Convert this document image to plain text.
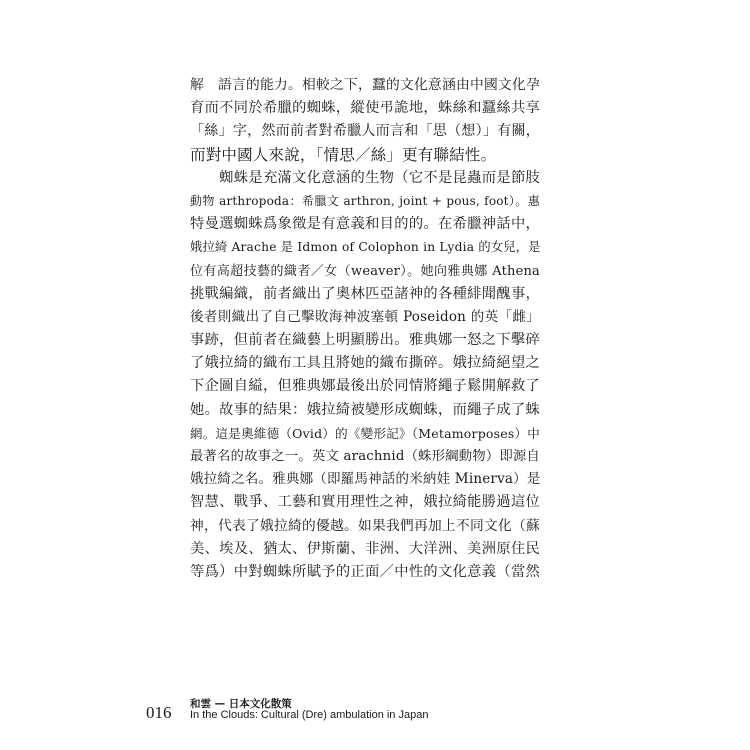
解　語言的能力。相較之下，蠶的文化意涵由中國文化孕
育而不同於希臘的蜘蛛，縱使弔詭地，蛛絲和蠶絲共享
「絲」字，然而前者對希臘人而言和「思（想）」有關，
而對中國人來說，「情思／絲」更有聯結性。
　　蜘蛛是充滿文化意涵的生物（它不是昆蟲而是節肢
動物 arthropoda：希臘文 arthron, joint + pous, foot）。惠
特曼選蜘蛛爲象徵是有意義和目的的。在希臘神話中，
娥拉綺 Arache 是 Idmon of Colophon in Lydia 的女兒，是
位有高超技藝的織者／女（weaver）。她向雅典娜 Athena
挑戰編織，前者織出了奧林匹亞諸神的各種緋聞醜事，
後者則織出了自己擊敗海神波塞頓 Poseidon 的英「雌」
事跡，但前者在織藝上明顯勝出。雅典娜一怒之下擊碎
了娥拉綺的織布工具且將她的織布撕碎。娥拉綺絕望之
下企圖自縊，但雅典娜最後出於同情將繩子鬆開解救了
她。故事的結果：娥拉綺被變形成蜘蛛，而繩子成了蛛
網。這是奧維德（Ovid）的《變形記》（Metamorposes）中
最著名的故事之一。英文 arachnid（蛛形綱動物）即源自
娥拉綺之名。雅典娜（即羅馬神話的米納娃 Minerva）是
智慧、戰爭、工藝和實用理性之神，娥拉綺能勝過這位
神，代表了娥拉綺的優越。如果我們再加上不同文化（蘇
美、埃及、猶太、伊斯蘭、非洲、大洋洲、美洲原住民
等爲）中對蜘蛛所賦予的正面／中性的文化意義（當然
016 和雲 — 日本文化散策
In the Clouds: Cultural (Dre) ambulation in Japan
